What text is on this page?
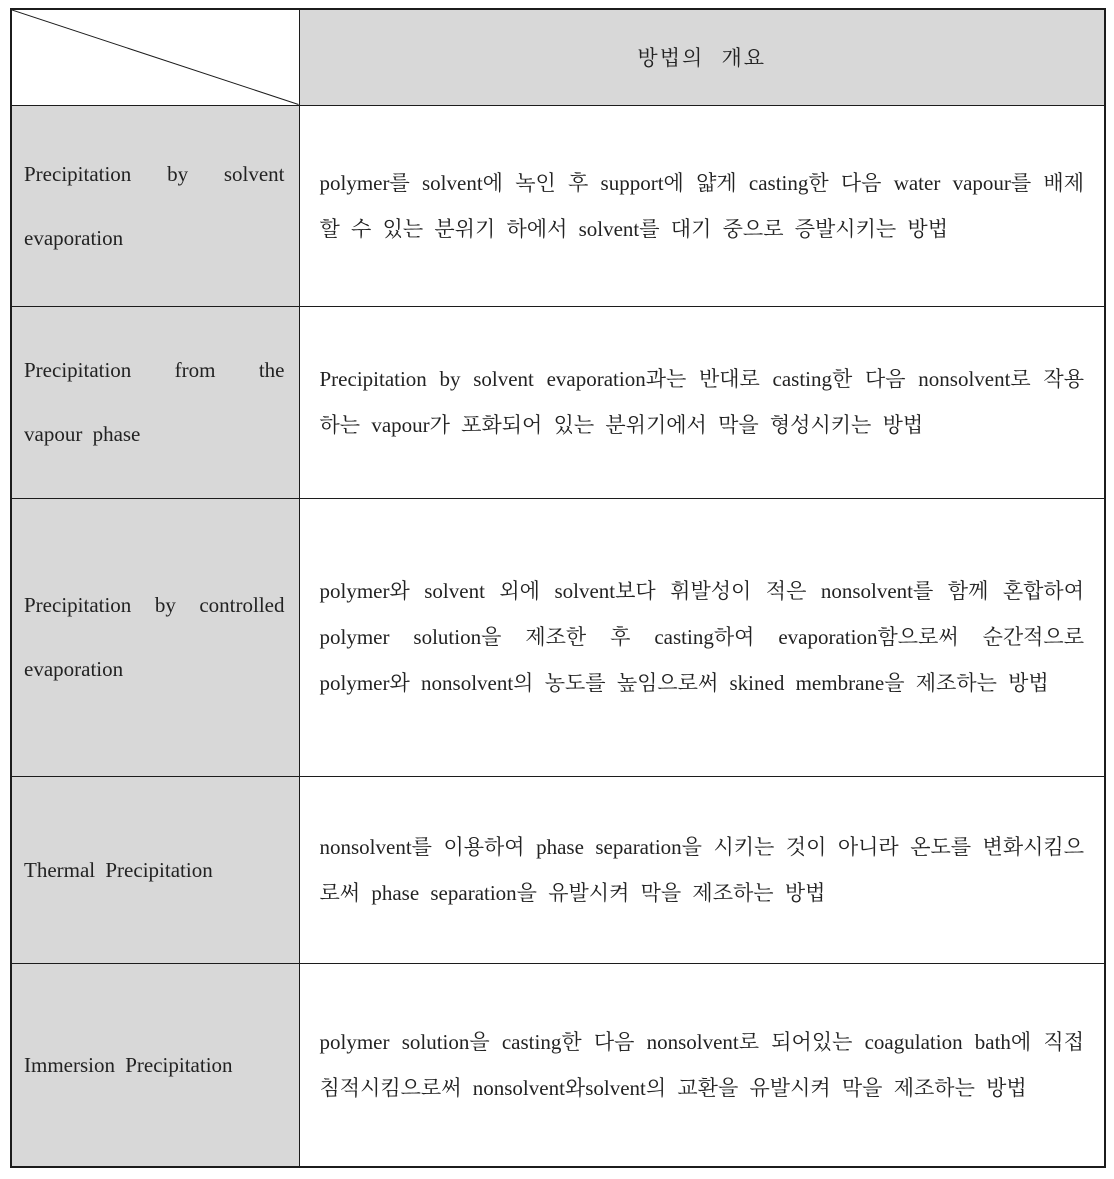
	방법의 개요
Precipitation by solvent evaporation	polymer를 solvent에 녹인 후 support에 얇게 casting한 다음 water vapour를 배제할 수 있는 분위기 하에서 solvent를 대기 중으로 증발시키는 방법
Precipitation from the vapour phase	Precipitation by solvent evaporation과는 반대로 casting한 다음 nonsolvent로 작용하는 vapour가 포화되어 있는 분위기에서 막을 형성시키는 방법
Precipitation by controlled evaporation	polymer와 solvent 외에 solvent보다 휘발성이 적은 nonsolvent를 함께 혼합하여 polymer solution을 제조한 후 casting하여 evaporation함으로써 순간적으로 polymer와 nonsolvent의 농도를 높임으로써 skined membrane을 제조하는 방법
Thermal Precipitation	nonsolvent를 이용하여 phase separation을 시키는 것이 아니라 온도를 변화시킴으로써 phase separation을 유발시켜 막을 제조하는 방법
Immersion Precipitation	polymer solution을 casting한 다음 nonsolvent로 되어있는 coagulation bath에 직접 침적시킴으로써 nonsolvent와solvent의 교환을 유발시켜 막을 제조하는 방법
